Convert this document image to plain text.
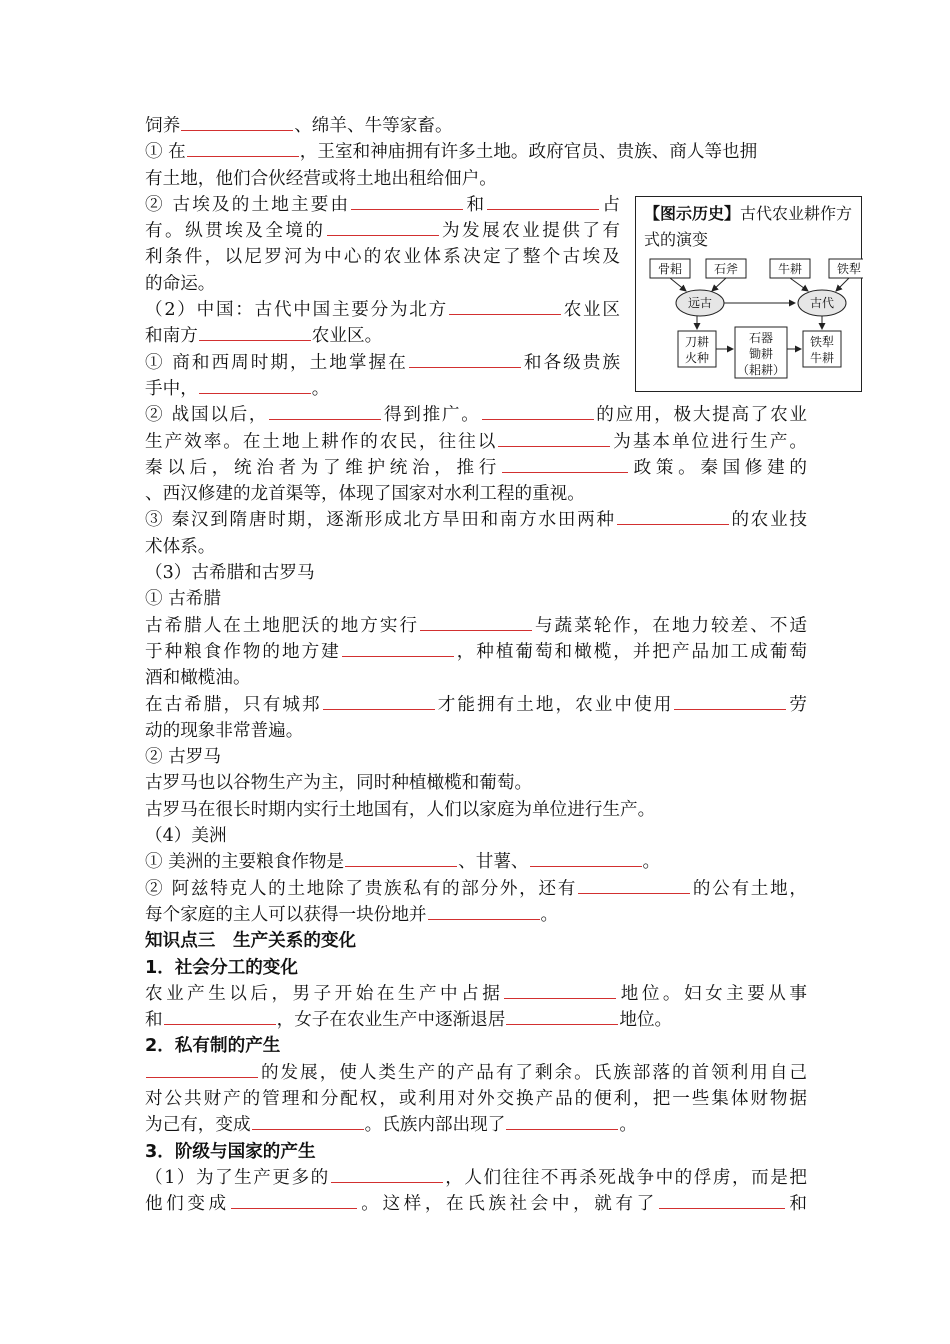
饲养	、绵羊、牛等家畜。

① 在	，王室和神庙拥有许多土地。政府官员、贵族、商人等也拥

有土地，他们合伙经营或将土地出租给佃户。

② 古埃及的土地主要由	和	占

有。纵贯埃及全境的	为发展农业提供了有

利条件，以尼罗河为中心的农业体系决定了整个古埃及

的命运。

（2）中国：古代中国主要分为北方	农业区

和南方	农业区。

① 商和西周时期，土地掌握在	和各级贵族

手中，	。

② 战国以后，	得到推广。	的应用，极大提高了农业

生产效率。在土地上耕作的农民，往往以	为基本单位进行生产。

秦以后，统治者为了维护统治，推行	政策。秦国修建的

、西汉修建的龙首渠等，体现了国家对水利工程的重视。

③ 秦汉到隋唐时期，逐渐形成北方旱田和南方水田两种	的农业技

术体系。

（3）古希腊和古罗马

① 古希腊

古希腊人在土地肥沃的地方实行	与蔬菜轮作，在地力较差、不适

于种粮食作物的地方建	，种植葡萄和橄榄，并把产品加工成葡萄

酒和橄榄油。

在古希腊，只有城邦	才能拥有土地，农业中使用	劳

动的现象非常普遍。

② 古罗马

古罗马也以谷物生产为主，同时种植橄榄和葡萄。

古罗马在很长时期内实行土地国有，人们以家庭为单位进行生产。

（4）美洲

① 美洲的主要粮食作物是	、甘薯、	。

② 阿兹特克人的土地除了贵族私有的部分外，还有	的公有土地，

每个家庭的主人可以获得一块份地并	。

知识点三　生产关系的变化

1．社会分工的变化

农业产生以后，男子开始在生产中占据	地位。妇女主要从事

和	，女子在农业生产中逐渐退居	地位。

2．私有制的产生

的发展，使人类生产的产品有了剩余。氏族部落的首领利用自己

对公共财产的管理和分配权，或利用对外交换产品的便利，把一些集体财物据

为己有，变成	。氏族内部出现了	。

3．阶级与国家的产生

（1）为了生产更多的	，人们往往不再杀死战争中的俘虏，而是把

他们变成	。这样，在氏族社会中，就有了	和

【图示历史】古代农业耕作方式的演变
骨耜	石斧	牛耕	铁犁
远古	古代
刀耕
火种
石器
锄耕
（耜耕）
铁犁
牛耕
